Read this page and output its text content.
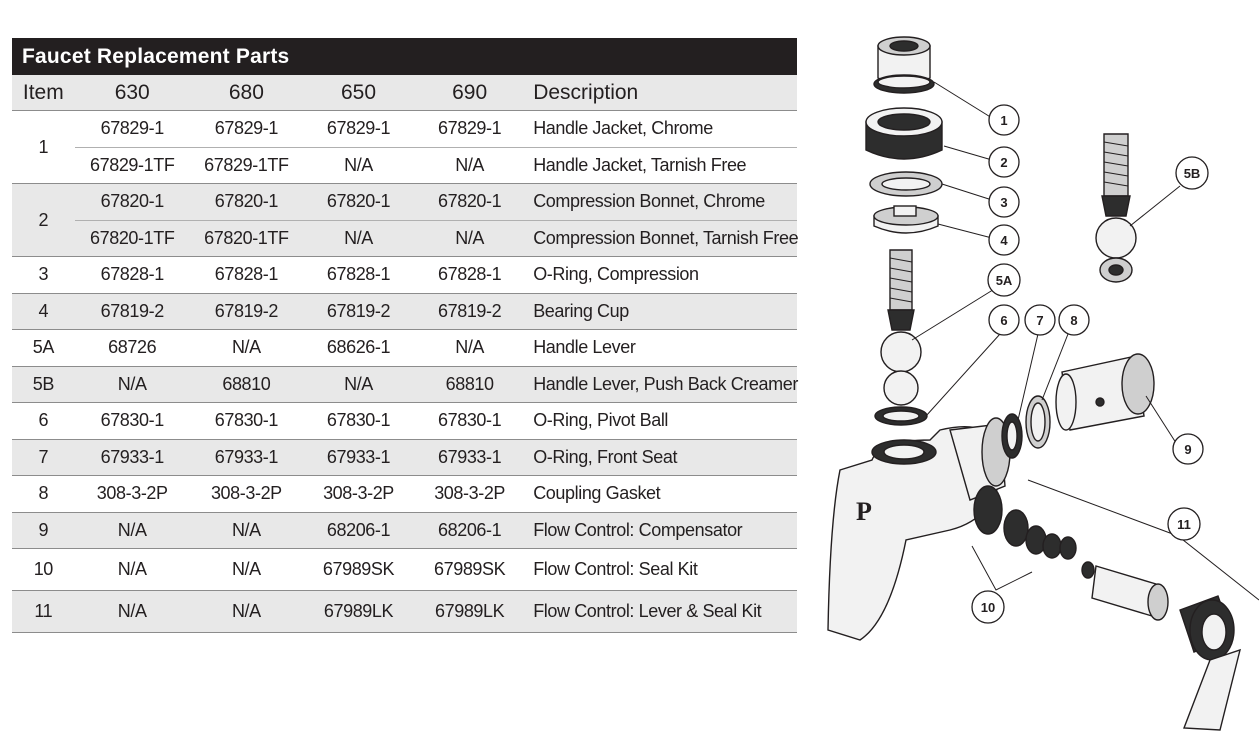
Faucet Replacement Parts					
Item	630	680	650	690	Description
1	67829-1	67829-1	67829-1	67829-1	Handle Jacket, Chrome
	67829-1TF	67829-1TF	N/A	N/A	Handle Jacket, Tarnish Free
2	67820-1	67820-1	67820-1	67820-1	Compression Bonnet, Chrome
	67820-1TF	67820-1TF	N/A	N/A	Compression Bonnet, Tarnish Free
3	67828-1	67828-1	67828-1	67828-1	O-Ring, Compression
4	67819-2	67819-2	67819-2	67819-2	Bearing Cup
5A	68726	N/A	68626-1	N/A	Handle Lever
5B	N/A	68810	N/A	68810	Handle Lever, Push Back Creamer
6	67830-1	67830-1	67830-1	67830-1	O-Ring, Pivot Ball
7	67933-1	67933-1	67933-1	67933-1	O-Ring, Front Seat
8	308-3-2P	308-3-2P	308-3-2P	308-3-2P	Coupling Gasket
9	N/A	N/A	68206-1	68206-1	Flow Control: Compensator
10	N/A	N/A	67989SK	67989SK	Flow Control: Seal Kit
11	N/A	N/A	67989LK	67989LK	Flow Control: Lever & Seal Kit
P
1
2
3
4
5A
5B
6 7 8
9
10
11
